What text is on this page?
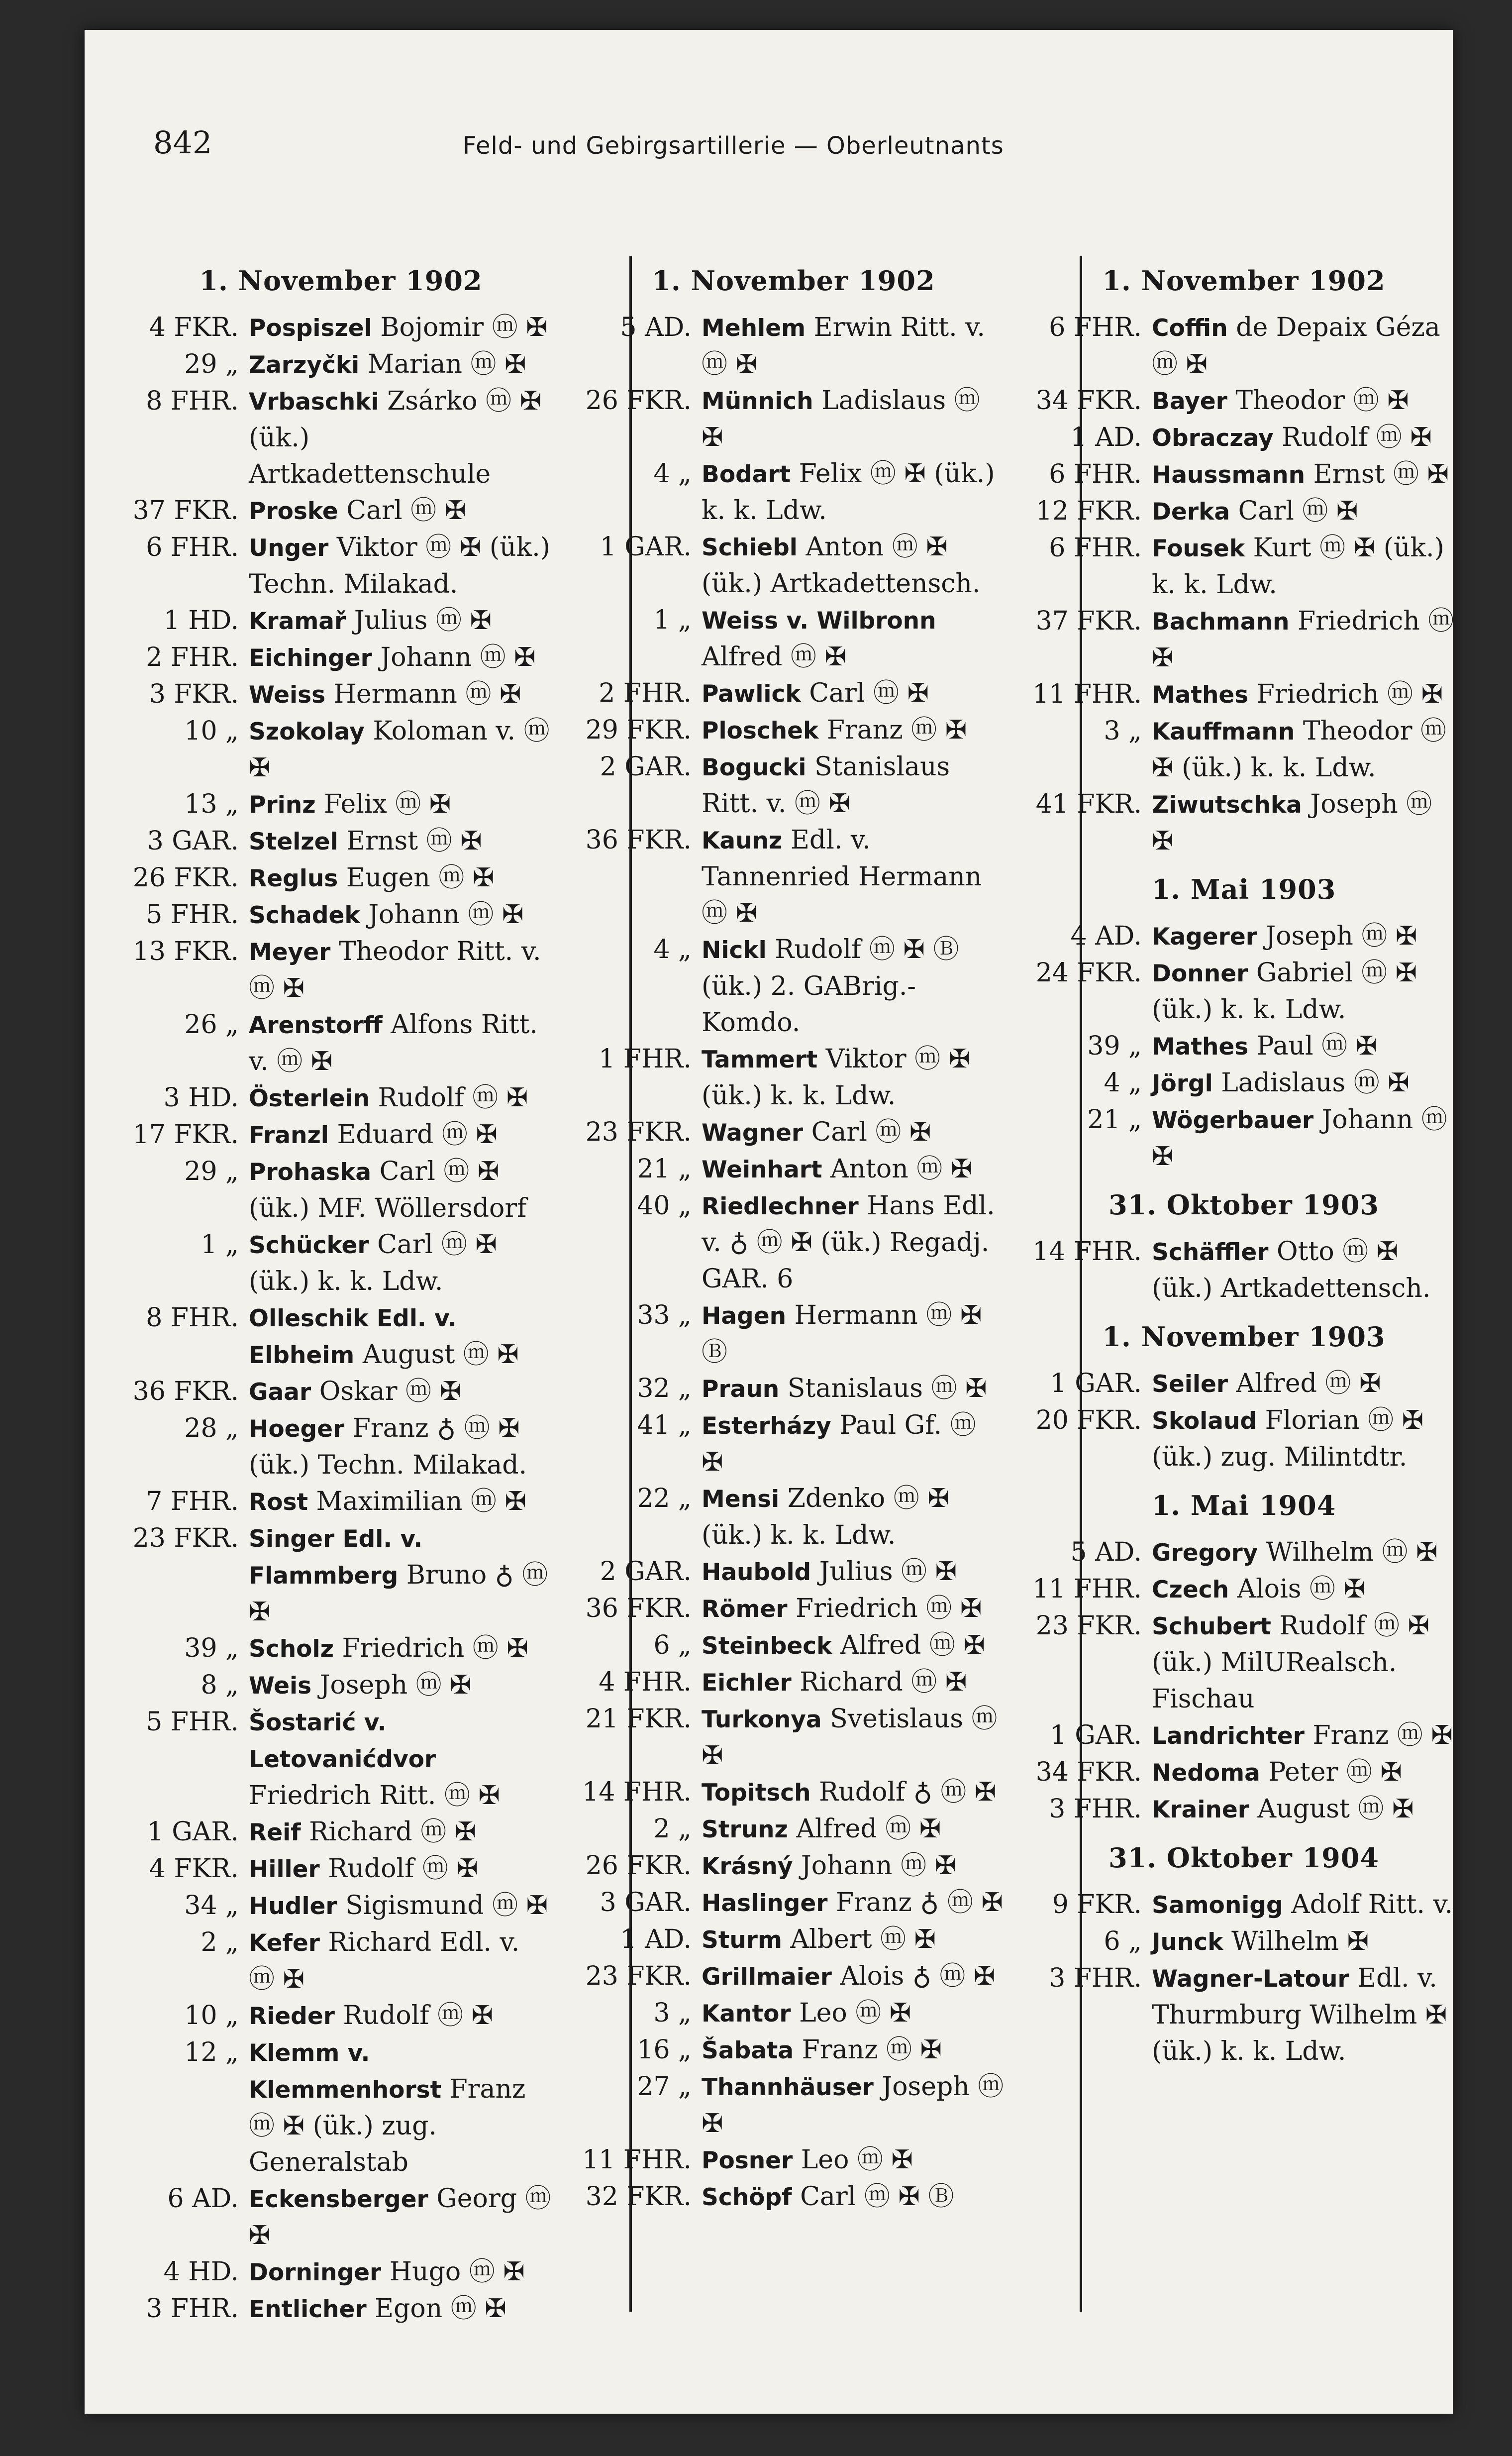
842	Feld- und Gebirgsartillerie — Oberleutnants
1. November 1902
4 FKR. Pospiszel Bojomir ⓜ ✠
29 „ Zarzyčki Marian ⓜ ✠
8 FHR. Vrbaschki Zsárko ⓜ ✠ (ük.) Artkadettenschule
37 FKR. Proske Carl ⓜ ✠
6 FHR. Unger Viktor ⓜ ✠ (ük.) Techn. Milakad.
1 HD. Kramař Julius ⓜ ✠
2 FHR. Eichinger Johann ⓜ ✠
3 FKR. Weiss Hermann ⓜ ✠
10 „ Szokolay Koloman v. ⓜ ✠
13 „ Prinz Felix ⓜ ✠
3 GAR. Stelzel Ernst ⓜ ✠
26 FKR. Reglus Eugen ⓜ ✠
5 FHR. Schadek Johann ⓜ ✠
13 FKR. Meyer Theodor Ritt. v. ⓜ ✠
26 „ Arenstorff Alfons Ritt. v. ⓜ ✠
3 HD. Österlein Rudolf ⓜ ✠
17 FKR. Franzl Eduard ⓜ ✠
29 „ Prohaska Carl ⓜ ✠ (ük.) MF. Wöllersdorf
1 „ Schücker Carl ⓜ ✠ (ük.) k. k. Ldw.
8 FHR. Olleschik Edl. v. Elbheim August ⓜ ✠
36 FKR. Gaar Oskar ⓜ ✠
28 „ Hoeger Franz ♁ ⓜ ✠ (ük.) Techn. Milakad.
7 FHR. Rost Maximilian ⓜ ✠
23 FKR. Singer Edl. v. Flammberg Bruno ♁ ⓜ ✠
39 „ Scholz Friedrich ⓜ ✠
8 „ Weis Joseph ⓜ ✠
5 FHR. Šostarić v. Letovanićdvor Friedrich Ritt. ⓜ ✠
1 GAR. Reif Richard ⓜ ✠
4 FKR. Hiller Rudolf ⓜ ✠
34 „ Hudler Sigismund ⓜ ✠
2 „ Kefer Richard Edl. v. ⓜ ✠
10 „ Rieder Rudolf ⓜ ✠
12 „ Klemm v. Klemmenhorst Franz ⓜ ✠ (ük.) zug. Generalstab
6 AD. Eckensberger Georg ⓜ ✠
4 HD. Dorninger Hugo ⓜ ✠
3 FHR. Entlicher Egon ⓜ ✠
1. November 1902
5 AD. Mehlem Erwin Ritt. v. ⓜ ✠
26 FKR. Münnich Ladislaus ⓜ ✠
4 „ Bodart Felix ⓜ ✠ (ük.) k. k. Ldw.
1 GAR. Schiebl Anton ⓜ ✠ (ük.) Artkadettensch.
1 „ Weiss v. Wilbronn Alfred ⓜ ✠
2 FHR. Pawlick Carl ⓜ ✠
29 FKR. Ploschek Franz ⓜ ✠
2 GAR. Bogucki Stanislaus Ritt. v. ⓜ ✠
36 FKR. Kaunz Edl. v. Tannenried Hermann ⓜ ✠
4 „ Nickl Rudolf ⓜ ✠ Ⓑ (ük.) 2. GABrig.-Komdo.
1 FHR. Tammert Viktor ⓜ ✠ (ük.) k. k. Ldw.
23 FKR. Wagner Carl ⓜ ✠
21 „ Weinhart Anton ⓜ ✠
40 „ Riedlechner Hans Edl. v. ♁ ⓜ ✠ (ük.) Regadj. GAR. 6
33 „ Hagen Hermann ⓜ ✠ Ⓑ
32 „ Praun Stanislaus ⓜ ✠
41 „ Esterházy Paul Gf. ⓜ ✠
22 „ Mensi Zdenko ⓜ ✠ (ük.) k. k. Ldw.
2 GAR. Haubold Julius ⓜ ✠
36 FKR. Römer Friedrich ⓜ ✠
6 „ Steinbeck Alfred ⓜ ✠
4 FHR. Eichler Richard ⓜ ✠
21 FKR. Turkonya Svetislaus ⓜ ✠
14 FHR. Topitsch Rudolf ♁ ⓜ ✠
2 „ Strunz Alfred ⓜ ✠
26 FKR. Krásný Johann ⓜ ✠
3 GAR. Haslinger Franz ♁ ⓜ ✠
1 AD. Sturm Albert ⓜ ✠
23 FKR. Grillmaier Alois ♁ ⓜ ✠
3 „ Kantor Leo ⓜ ✠
16 „ Šabata Franz ⓜ ✠
27 „ Thannhäuser Joseph ⓜ ✠
11 FHR. Posner Leo ⓜ ✠
32 FKR. Schöpf Carl ⓜ ✠ Ⓑ
1. November 1902
6 FHR. Coffin de Depaix Géza ⓜ ✠
34 FKR. Bayer Theodor ⓜ ✠
1 AD. Obraczay Rudolf ⓜ ✠
6 FHR. Haussmann Ernst ⓜ ✠
12 FKR. Derka Carl ⓜ ✠
6 FHR. Fousek Kurt ⓜ ✠ (ük.) k. k. Ldw.
37 FKR. Bachmann Friedrich ⓜ ✠
11 FHR. Mathes Friedrich ⓜ ✠
3 „ Kauffmann Theodor ⓜ ✠ (ük.) k. k. Ldw.
41 FKR. Ziwutschka Joseph ⓜ ✠
1. Mai 1903
4 AD. Kagerer Joseph ⓜ ✠
24 FKR. Donner Gabriel ⓜ ✠ (ük.) k. k. Ldw.
39 „ Mathes Paul ⓜ ✠
4 „ Jörgl Ladislaus ⓜ ✠
21 „ Wögerbauer Johann ⓜ ✠
31. Oktober 1903
14 FHR. Schäffler Otto ⓜ ✠ (ük.) Artkadettensch.
1. November 1903
1 GAR. Seiler Alfred ⓜ ✠
20 FKR. Skolaud Florian ⓜ ✠ (ük.) zug. Milintdtr.
1. Mai 1904
5 AD. Gregory Wilhelm ⓜ ✠
11 FHR. Czech Alois ⓜ ✠
23 FKR. Schubert Rudolf ⓜ ✠ (ük.) MilURealsch. Fischau
1 GAR. Landrichter Franz ⓜ ✠
34 FKR. Nedoma Peter ⓜ ✠
3 FHR. Krainer August ⓜ ✠
31. Oktober 1904
9 FKR. Samonigg Adolf Ritt. v.
6 „ Junck Wilhelm ✠
3 FHR. Wagner-Latour Edl. v. Thurmburg Wilhelm ✠ (ük.) k. k. Ldw.
